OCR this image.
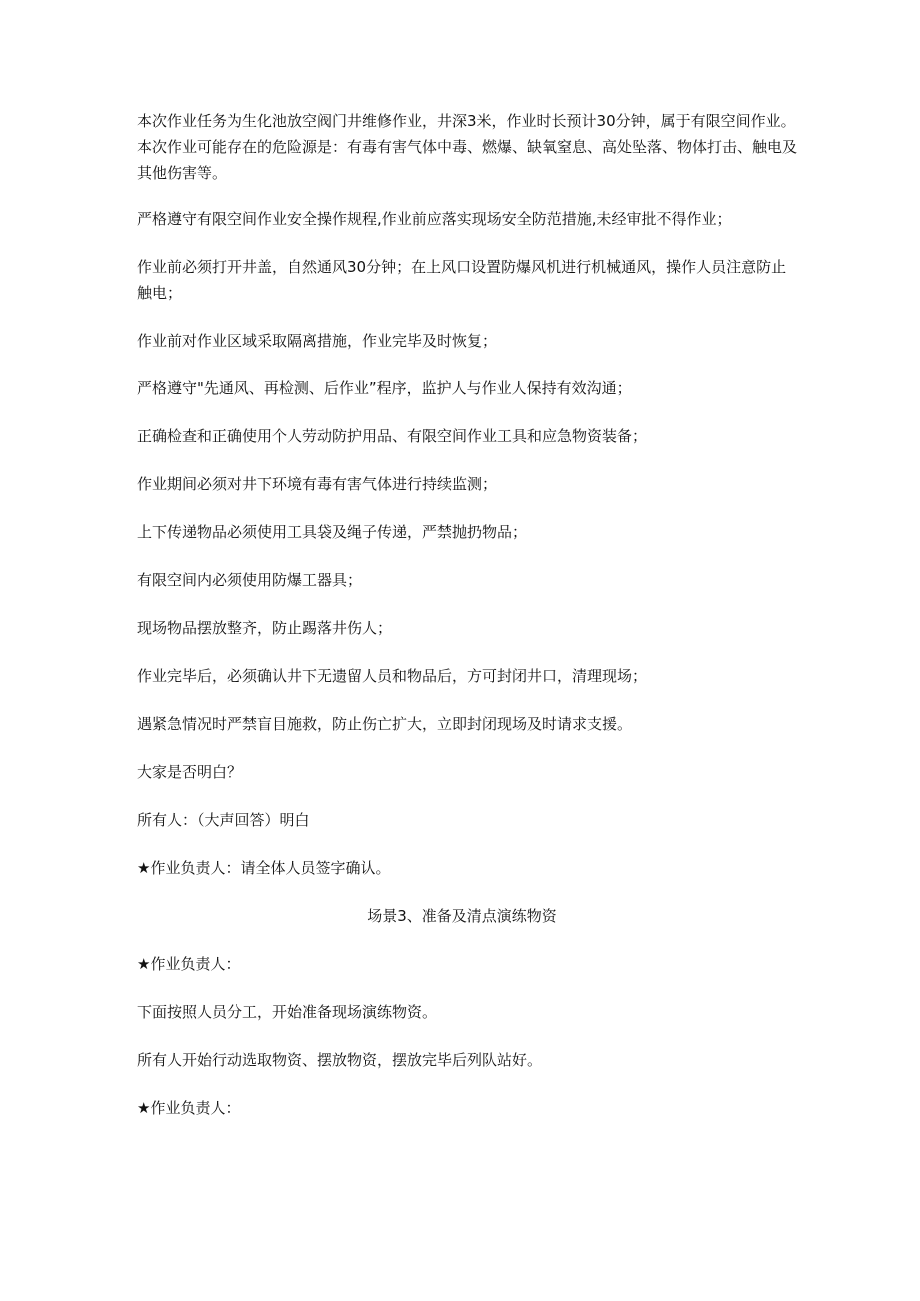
本次作业任务为生化池放空阀门井维修作业，井深3米，作业时长预计30分钟，属于有限空间作业。本次作业可能存在的危险源是：有毒有害气体中毒、燃爆、缺氧窒息、高处坠落、物体打击、触电及其他伤害等。

严格遵守有限空间作业安全操作规程,作业前应落实现场安全防范措施,未经审批不得作业；

作业前必须打开井盖，自然通风30分钟；在上风口设置防爆风机进行机械通风，操作人员注意防止触电；

作业前对作业区域采取隔离措施，作业完毕及时恢复；

严格遵守"先通风、再检测、后作业”程序，监护人与作业人保持有效沟通；

正确检查和正确使用个人劳动防护用品、有限空间作业工具和应急物资装备；

作业期间必须对井下环境有毒有害气体进行持续监测；

上下传递物品必须使用工具袋及绳子传递，严禁抛扔物品；

有限空间内必须使用防爆工器具；

现场物品摆放整齐，防止踢落井伤人；

作业完毕后，必须确认井下无遗留人员和物品后，方可封闭井口，清理现场；

遇紧急情况时严禁盲目施救，防止伤亡扩大，立即封闭现场及时请求支援。

大家是否明白？

所有人：（大声回答）明白

★作业负责人：请全体人员签字确认。

场景3、准备及清点演练物资

★作业负责人：

下面按照人员分工，开始准备现场演练物资。

所有人开始行动选取物资、摆放物资，摆放完毕后列队站好。

★作业负责人：
